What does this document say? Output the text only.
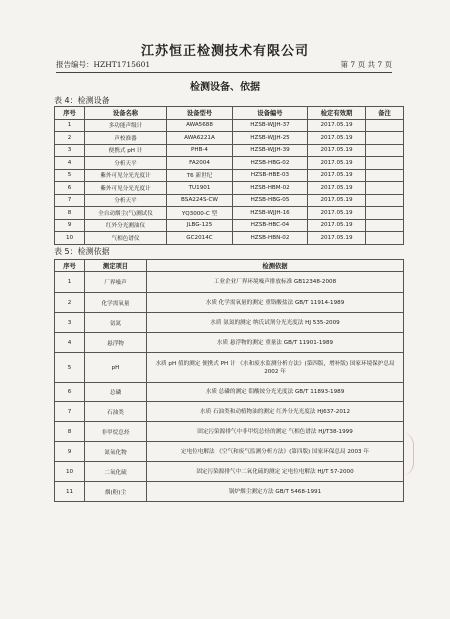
江苏恒正检测技术有限公司
报告编号：HZHT1715601	第 7 页 共 7 页
检测设备、依据
表 4：检测设备
序号	设备名称	设备型号	设备编号	检定有效期	备注
1	多功能声级计	AWA5688	HZSB-WJJH-37	2017.05.19	
2	声校准器	AWA6221A	HZSB-WJJH-25	2017.05.19	
3	便携式 pH 计	PHB-4	HZSB-WJJH-39	2017.05.19	
4	分析天平	FA2004	HZSB-HBG-02	2017.05.19	
5	紫外可见分光光度计	T6 新世纪	HZSB-HBE-03	2017.05.19	
6	紫外可见分光光度计	TU1901	HZSB-HBM-02	2017.05.19	
7	分析天平	BSA224S-CW	HZSB-HBG-05	2017.05.19	
8	全自动烟尘(气)测试仪	YQ3000-C 型	HZSB-WJJH-16	2017.05.19	
9	红外分光测油仪	JLBG-125	HZSB-HBC-04	2017.05.19	
10	气相色谱仪	GC2014C	HZSB-HBN-02	2017.05.19	
表 5：检测依据
序号	测定项目	检测依据
1	厂界噪声	工业企业厂界环境噪声排放标准 GB12348-2008
2	化学需氧量	水质 化学需氧量的测定 重铬酸盐法 GB/T 11914-1989
3	氨氮	水质 氨氮的测定 纳氏试剂分光光度法 HJ 535-2009
4	悬浮物	水质 悬浮物的测定 重量法 GB/T 11901-1989
5	pH	水质 pH 值的测定 便携式 PH 计 《水和废水监测分析方法》(第四版，增补版) 国家环境保护总局 2002 年
6	总磷	水质 总磷的测定 钼酸铵分光光度法 GB/T 11893-1989
7	石油类	水质 石油类和动植物油的测定 红外分光光度法 HJ637-2012
8	非甲烷总烃	固定污染源排气中非甲烷总烃的测定 气相色谱法 HJ/T38-1999
9	氮氧化物	定电位电解法 《空气和废气监测分析方法》(第四版) 国家环保总局 2003 年
10	二氧化硫	固定污染源排气中二氧化硫的测定 定电位电解法 HJ/T 57-2000
11	烟(粉)尘	锅炉烟尘测定方法 GB/T 5468-1991
